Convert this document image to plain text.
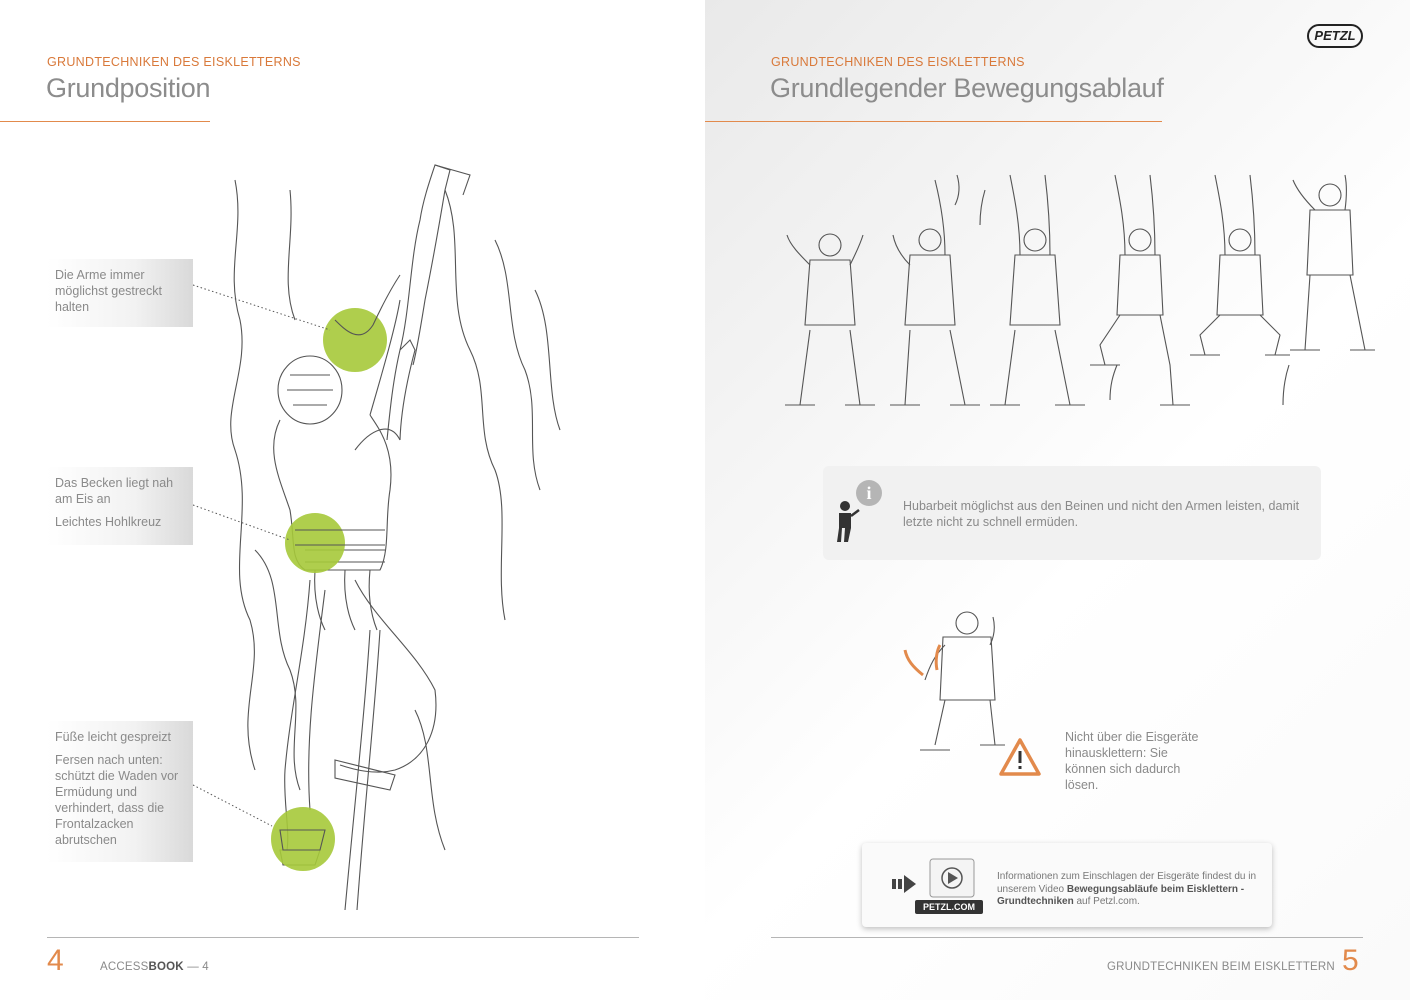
GRUNDTECHNIKEN DES EISKLETTERNS
Grundposition

Die Arme immer möglichst gestreckt halten

Das Becken liegt nah am Eis an

Leichtes Hohlkreuz

Füße leicht gespreizt

Fersen nach unten: schützt die Waden vor Ermüdung und verhindert, dass die Frontalzacken abrutschen

4	ACCESSBOOK — 4
PETZL
GRUNDTECHNIKEN DES EISKLETTERNS
Grundlegender Bewegungsablauf
i
Hubarbeit möglichst aus den Beinen und nicht den Armen leisten, damit letzte nicht zu schnell ermüden.
Nicht über die Eisgeräte hinausklettern: Sie können sich dadurch lösen.
PETZL.COM
Informationen zum Einschlagen der Eisgeräte findest du in unserem Video Bewegungsabläufe beim Eisklettern - Grundtechniken auf Petzl.com.
GRUNDTECHNIKEN BEIM EISKLETTERN 5
